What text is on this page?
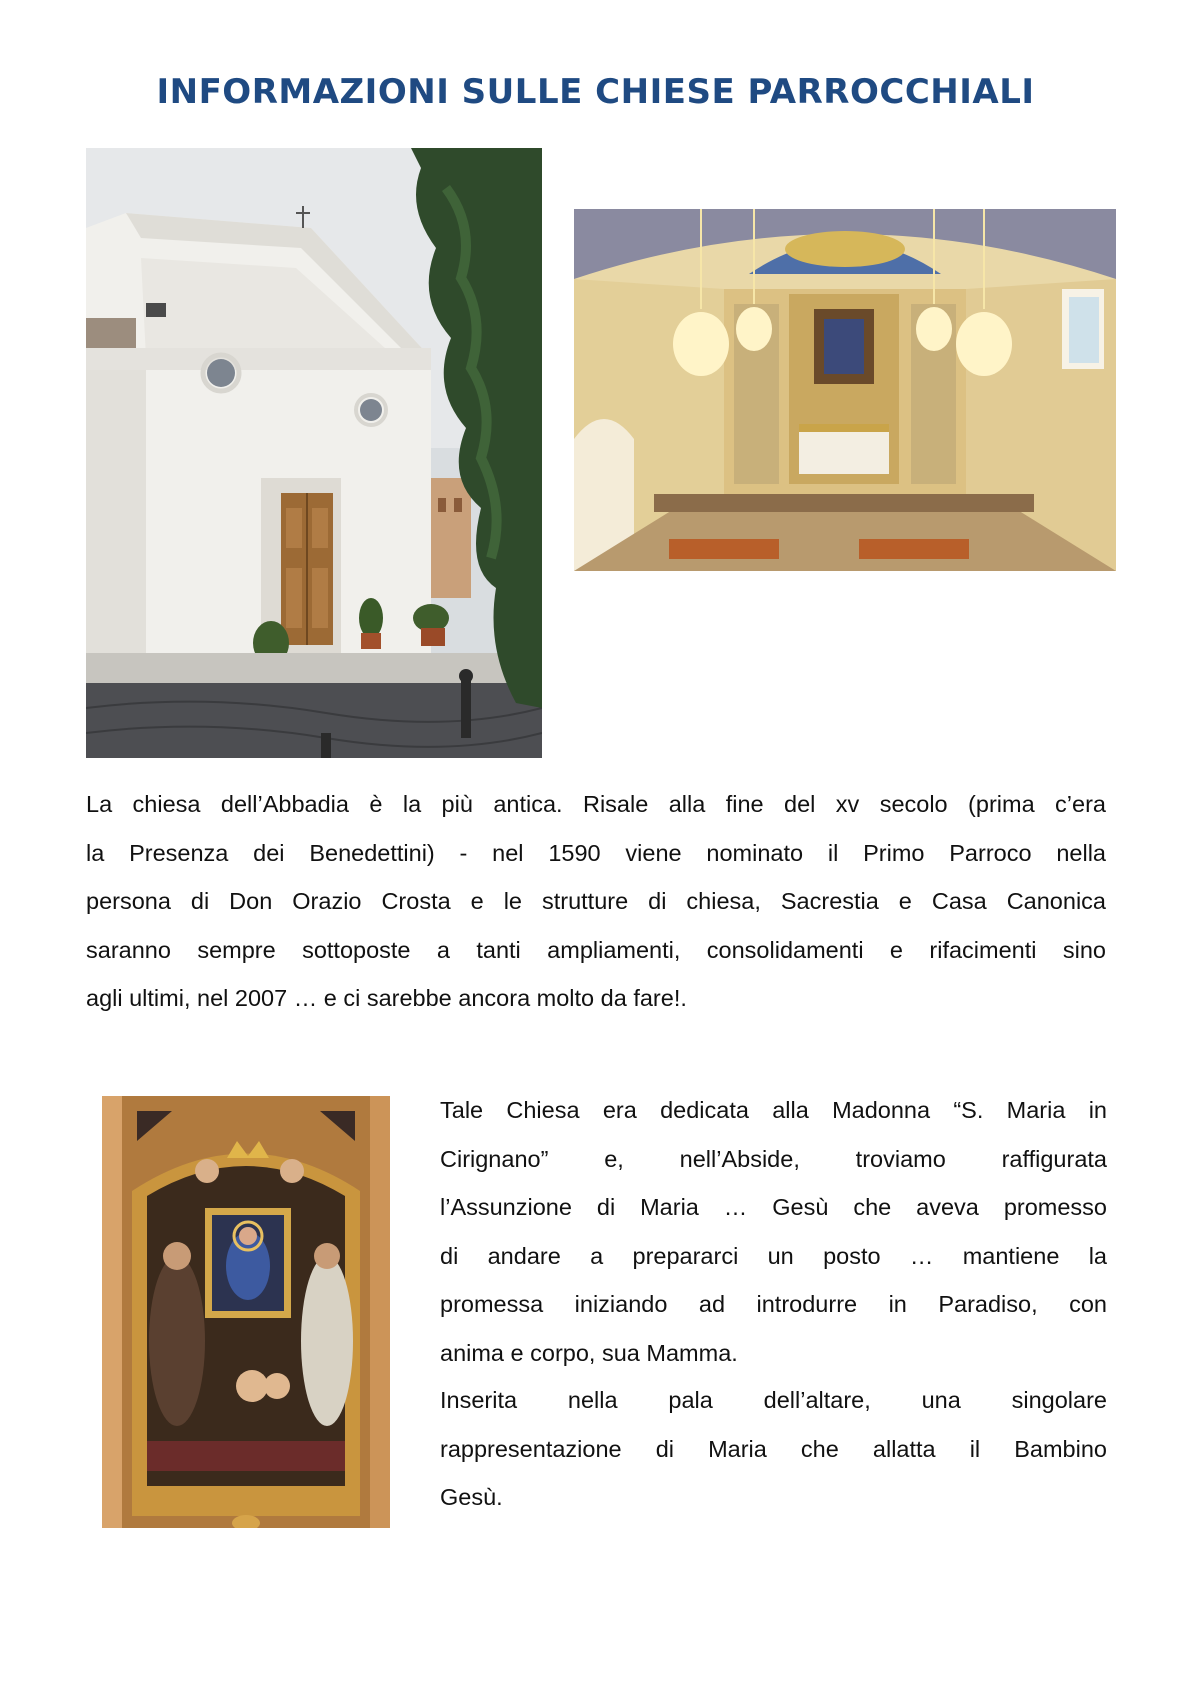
INFORMAZIONI SULLE CHIESE PARROCCHIALI
La chiesa dell’Abbadia è la più antica. Risale alla fine del xv secolo (prima c’era
la Presenza dei Benedettini) - nel 1590 viene nominato il Primo Parroco nella
persona di Don Orazio Crosta e le strutture di chiesa, Sacrestia e Casa Canonica
saranno sempre sottoposte a tanti ampliamenti, consolidamenti e rifacimenti sino
agli ultimi, nel 2007 … e ci sarebbe ancora molto da fare!.
Tale Chiesa era dedicata alla Madonna “S. Maria in
Cirignano” e, nell’Abside, troviamo raffigurata
l’Assunzione di Maria … Gesù che aveva promesso
di andare a prepararci un posto … mantiene la
promessa iniziando ad introdurre in Paradiso, con
anima e corpo, sua Mamma.
Inserita nella pala dell’altare, una singolare
rappresentazione di Maria che allatta il Bambino
Gesù.
